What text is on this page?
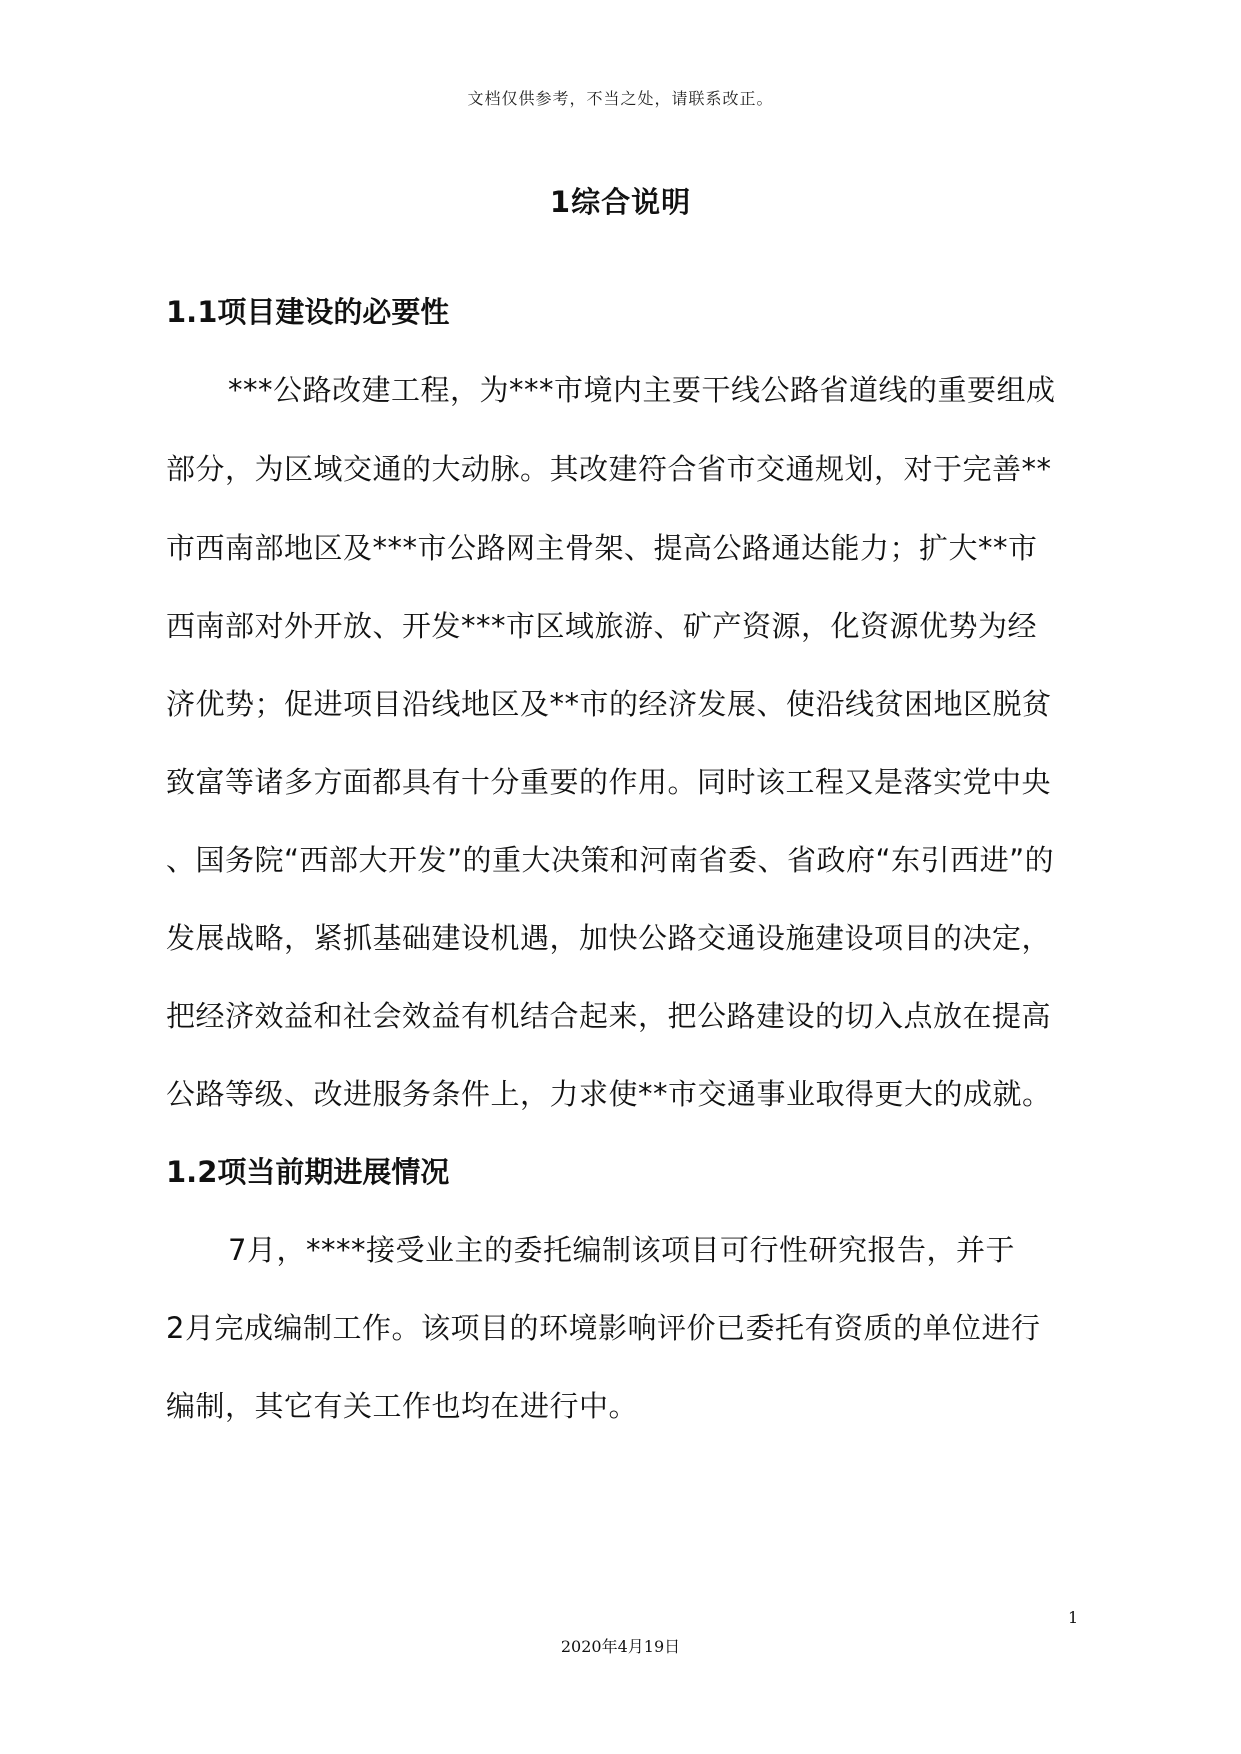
文档仅供参考，不当之处，请联系改正。
1综合说明
1.1项目建设的必要性
***公路改建工程，为***市境内主要干线公路省道线的重要组成
部分，为区域交通的大动脉。其改建符合省市交通规划，对于完善**
市西南部地区及***市公路网主骨架、提高公路通达能力；扩大**市
西南部对外开放、开发***市区域旅游、矿产资源，化资源优势为经
济优势；促进项目沿线地区及**市的经济发展、使沿线贫困地区脱贫
致富等诸多方面都具有十分重要的作用。同时该工程又是落实党中央
、国务院“西部大开发”的重大决策和河南省委、省政府“东引西进”的
发展战略，紧抓基础建设机遇，加快公路交通设施建设项目的决定，
把经济效益和社会效益有机结合起来，把公路建设的切入点放在提高
公路等级、改进服务条件上，力求使**市交通事业取得更大的成就。
1.2项当前期进展情况
7月，****接受业主的委托编制该项目可行性研究报告，并于
2月完成编制工作。该项目的环境影响评价已委托有资质的单位进行
编制，其它有关工作也均在进行中。
1
2020年4月19日
